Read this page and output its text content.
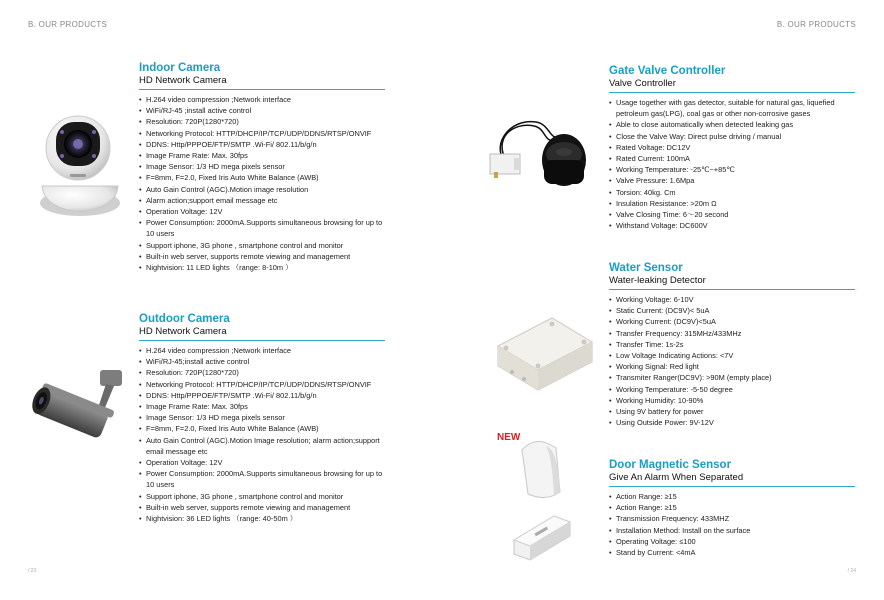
B. OUR PRODUCTS	B. OUR PRODUCTS
/ 23	/ 24
Indoor Camera
HD Network Camera
• H.264 video compression ;Network interface
• WiFi/RJ-45 ;install active control
• Resolution: 720P(1280*720)
• Networking Protocol: HTTP/DHCP/IP/TCP/UDP/DDNS/RTSP/ONVIF
• DDNS: Http/PPPOE/FTP/SMTP .Wi-Fi/ 802.11/b/g/n
• Image Frame Rate: Max. 30fps
• Image Sensor: 1/3 HD mega pixels sensor
• F=8mm, F=2.0, Fixed Iris Auto White Balance (AWB)
• Auto Gain Control (AGC).Motion image resolution
• Alarm action;support email message etc
• Operation Voltage: 12V
• Power Consumption: 2000mA.Supports simultaneous browsing for up to 10 users
• Support iphone, 3G phone , smartphone control and monitor
• Built-in web server, supports remote viewing and management
• Nightvision: 11 LED lights （range: 8-10m ）
Outdoor Camera
HD Network Camera
• H.264 video compression ;Network interface
• WiFi/RJ-45;install active control
• Resolution: 720P(1280*720)
• Networking Protocol: HTTP/DHCP/IP/TCP/UDP/DDNS/RTSP/ONVIF
• DDNS: Http/PPPOE/FTP/SMTP .Wi-Fi/ 802.11/b/g/n
• Image Frame Rate: Max. 30fps
• Image Sensor: 1/3 HD mega pixels sensor
• F=8mm, F=2.0, Fixed Iris Auto White Balance (AWB)
• Auto Gain Control (AGC).Motion Image resolution; alarm action;support email message etc
• Operation Voltage: 12V
• Power Consumption: 2000mA.Supports simultaneous browsing for up to 10 users
• Support iphone, 3G phone , smartphone control and monitor
• Built-in web server, supports remote viewing and management
• Nightvision: 36 LED lights （range: 40-50m ）
Gate Valve Controller
Valve Controller
• Usage together with gas detector, suitable for natural gas, liquefied petroleum gas(LPG), coal gas or other non-corrosive gases
• Able to close automatically when detected leaking gas
• Close the Valve Way: Direct pulse driving / manual
• Rated Voltage: DC12V
• Rated Current: 100mA
• Working Temperature: -25℃~+85℃
• Valve Pressure: 1.6Mpa
• Torsion: 40kg. Cm
• Insulation Resistance: >20m Ω
• Valve Closing Time: 6～20 second
• Withstand Voltage: DC600V
Water Sensor
Water-leaking Detector
• Working Voltage: 6-10V
• Static Current: (DC9V)< 5uA
• Working Current: (DC9V)<5uA
• Transfer Frequency: 315MHz/433MHz
• Transfer Time: 1s-2s
• Low Voltage Indicating Actions: <7V
• Working Signal: Red light
• Transmiter Ranger(DC9V): >90M (empty place)
• Working Temperature: -5-50 degree
• Working Humidity: 10-90%
• Using 9V battery for power
• Using Outside Power: 9V-12V
NEW
Door Magnetic Sensor
Give An Alarm When Separated
• Action Range: ≥15
• Action Range: ≥15
• Transmission Frequency: 433MHZ
• Installation Method: Install on the surface
• Operating Voltage: ≤100
• Stand by Current: <4mA
